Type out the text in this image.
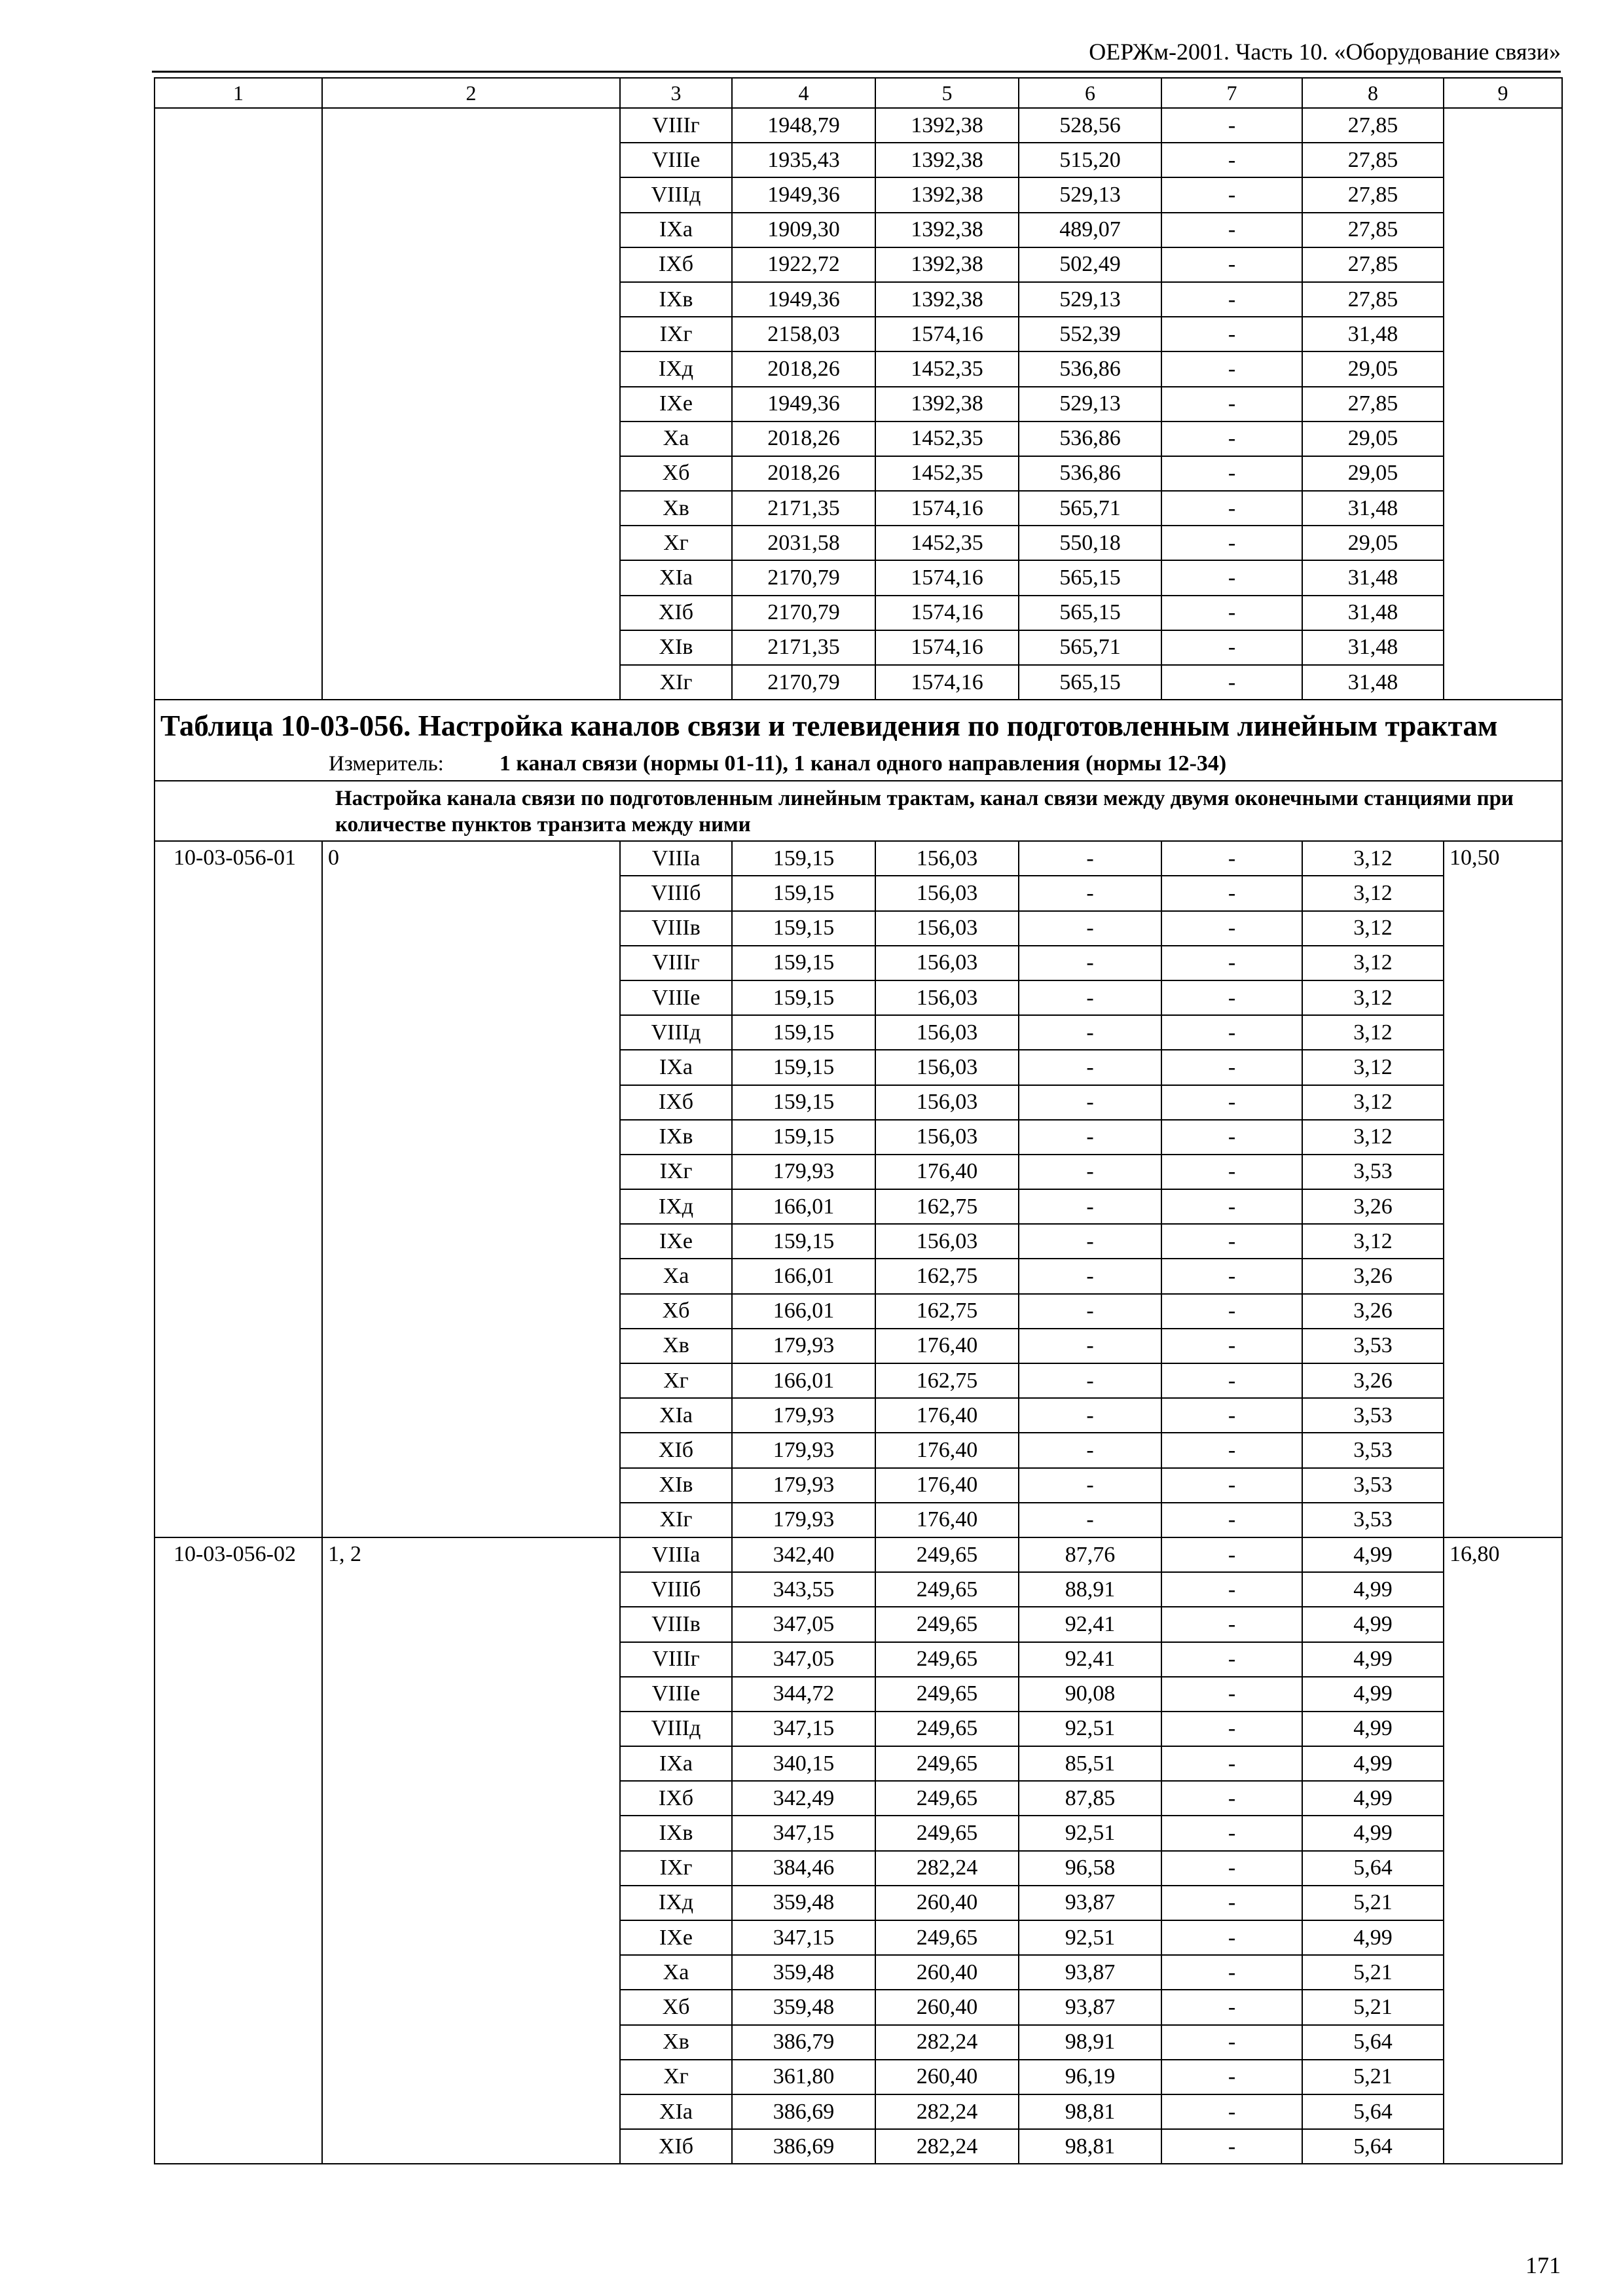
ОЕРЖм-2001. Часть 10. «Оборудование связи»
1	2	3	4	5	6	7	8	9
		VIIIг	1948,79	1392,38	528,56	-	27,85	
		VIIIе	1935,43	1392,38	515,20	-	27,85	
		VIIIд	1949,36	1392,38	529,13	-	27,85	
		IXа	1909,30	1392,38	489,07	-	27,85	
		IXб	1922,72	1392,38	502,49	-	27,85	
		IXв	1949,36	1392,38	529,13	-	27,85	
		IXг	2158,03	1574,16	552,39	-	31,48	
		IXд	2018,26	1452,35	536,86	-	29,05	
		IXе	1949,36	1392,38	529,13	-	27,85	
		Xа	2018,26	1452,35	536,86	-	29,05	
		Xб	2018,26	1452,35	536,86	-	29,05	
		Xв	2171,35	1574,16	565,71	-	31,48	
		Xг	2031,58	1452,35	550,18	-	29,05	
		XIа	2170,79	1574,16	565,15	-	31,48	
		XIб	2170,79	1574,16	565,15	-	31,48	
		XIв	2171,35	1574,16	565,71	-	31,48	
		XIг	2170,79	1574,16	565,15	-	31,48	
Таблица 10-03-056. Настройка каналов связи и телевидения по подготовленным линейным трактам								
Измеритель: 1 канал связи (нормы 01-11), 1 канал одного направления (нормы 12-34)								
Настройка канала связи по подготовленным линейным трактам, канал связи между двумя оконечными станциями при количестве пунктов транзита между ними								
10-03-056-01	0	VIIIа	159,15	156,03	-	-	3,12	10,50
		VIIIб	159,15	156,03	-	-	3,12	
		VIIIв	159,15	156,03	-	-	3,12	
		VIIIг	159,15	156,03	-	-	3,12	
		VIIIе	159,15	156,03	-	-	3,12	
		VIIIд	159,15	156,03	-	-	3,12	
		IXа	159,15	156,03	-	-	3,12	
		IXб	159,15	156,03	-	-	3,12	
		IXв	159,15	156,03	-	-	3,12	
		IXг	179,93	176,40	-	-	3,53	
		IXд	166,01	162,75	-	-	3,26	
		IXе	159,15	156,03	-	-	3,12	
		Xа	166,01	162,75	-	-	3,26	
		Xб	166,01	162,75	-	-	3,26	
		Xв	179,93	176,40	-	-	3,53	
		Xг	166,01	162,75	-	-	3,26	
		XIа	179,93	176,40	-	-	3,53	
		XIб	179,93	176,40	-	-	3,53	
		XIв	179,93	176,40	-	-	3,53	
		XIг	179,93	176,40	-	-	3,53	
10-03-056-02	1, 2	VIIIа	342,40	249,65	87,76	-	4,99	16,80
		VIIIб	343,55	249,65	88,91	-	4,99	
		VIIIв	347,05	249,65	92,41	-	4,99	
		VIIIг	347,05	249,65	92,41	-	4,99	
		VIIIе	344,72	249,65	90,08	-	4,99	
		VIIIд	347,15	249,65	92,51	-	4,99	
		IXа	340,15	249,65	85,51	-	4,99	
		IXб	342,49	249,65	87,85	-	4,99	
		IXв	347,15	249,65	92,51	-	4,99	
		IXг	384,46	282,24	96,58	-	5,64	
		IXд	359,48	260,40	93,87	-	5,21	
		IXе	347,15	249,65	92,51	-	4,99	
		Xа	359,48	260,40	93,87	-	5,21	
		Xб	359,48	260,40	93,87	-	5,21	
		Xв	386,79	282,24	98,91	-	5,64	
		Xг	361,80	260,40	96,19	-	5,21	
		XIа	386,69	282,24	98,81	-	5,64	
		XIб	386,69	282,24	98,81	-	5,64	
171
